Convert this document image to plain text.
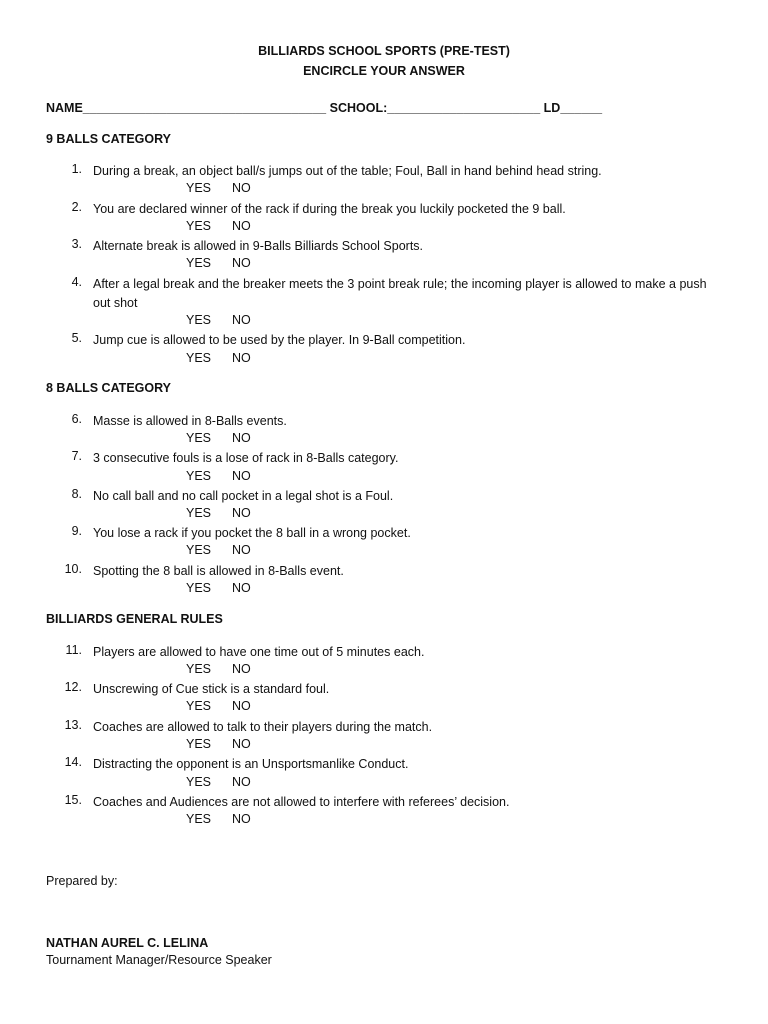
BILLIARDS SCHOOL SPORTS (PRE-TEST)
ENCIRCLE YOUR ANSWER
NAME___________________________________ SCHOOL:______________________ LD______
9 BALLS CATEGORY
1. During a break, an object ball/s jumps out of the table; Foul, Ball in hand behind head string.
YES NO
2. You are declared winner of the rack if during the break you luckily pocketed the 9 ball.
YES NO
3. Alternate break is allowed in 9-Balls Billiards School Sports.
YES NO
4. After a legal break and the breaker meets the 3 point break rule; the incoming player is allowed to make a push out shot
YES NO
5. Jump cue is allowed to be used by the player. In 9-Ball competition.
YES NO
8 BALLS CATEGORY
6. Masse is allowed in 8-Balls events.
YES NO
7. 3 consecutive fouls is a lose of rack in 8-Balls category.
YES NO
8. No call ball and no call pocket in a legal shot is a Foul.
YES NO
9. You lose a rack if you pocket the 8 ball in a wrong pocket.
YES NO
10. Spotting the 8 ball is allowed in 8-Balls event.
YES NO
BILLIARDS GENERAL RULES
11. Players are allowed to have one time out of 5 minutes each.
YES NO
12. Unscrewing of Cue stick is a standard foul.
YES NO
13. Coaches are allowed to talk to their players during the match.
YES NO
14. Distracting the opponent is an Unsportsmanlike Conduct.
YES NO
15. Coaches and Audiences are not allowed to interfere with referees’ decision.
YES NO
Prepared by:
NATHAN AUREL C. LELINA
Tournament Manager/Resource Speaker
